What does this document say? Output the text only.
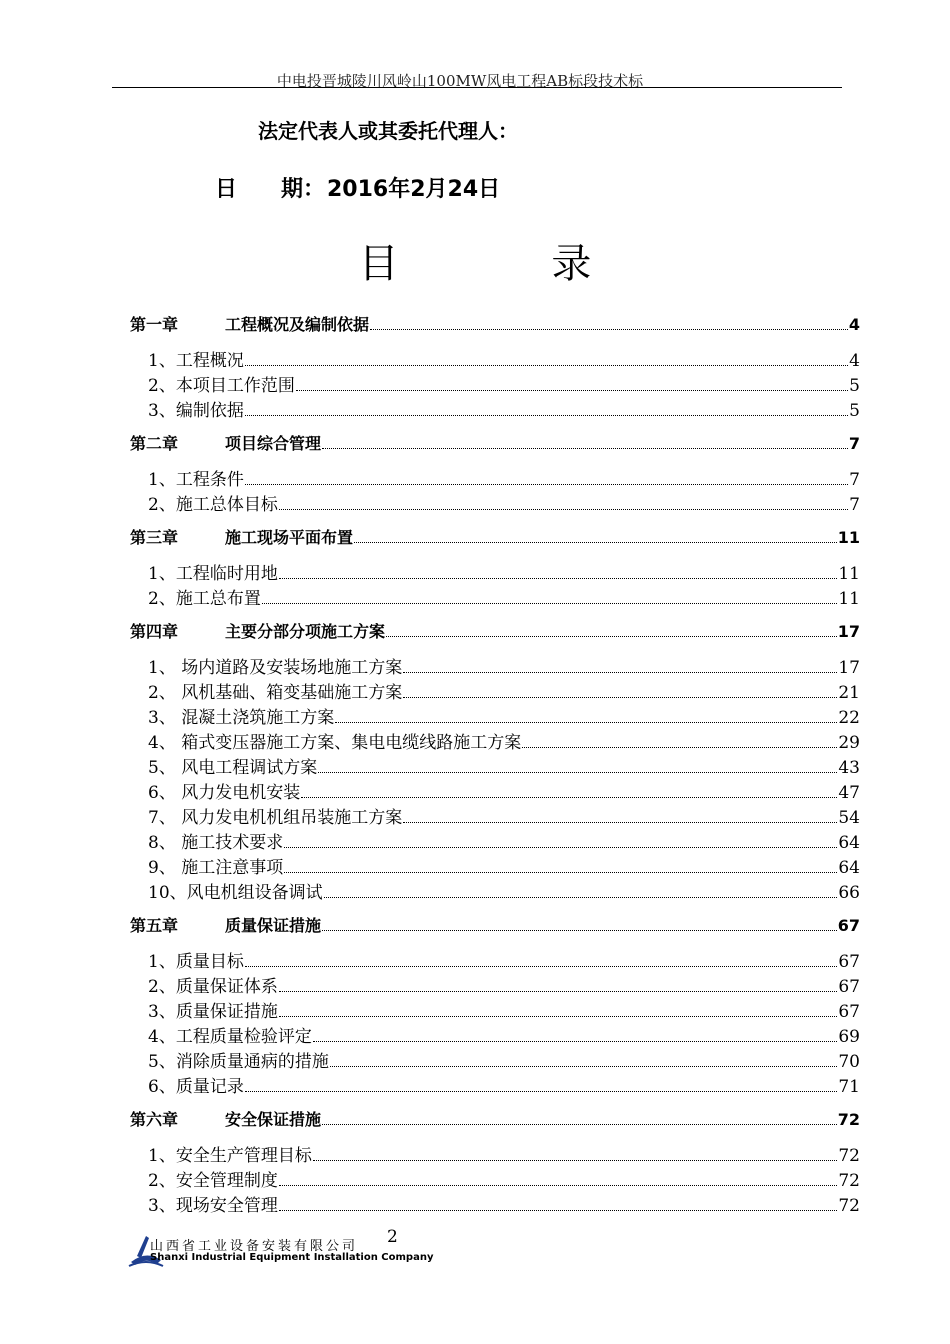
中电投晋城陵川风岭山100MW风电工程AB标段技术标
法定代表人或其委托代理人：
日　　期：2016年2月24日
目 录
第一章	工程概况及编制依据	4
1、工程概况	4
2、本项目工作范围	5
3、编制依据	5
第二章	项目综合管理	7
1、工程条件	7
2、施工总体目标	7
第三章	施工现场平面布置	11
1、工程临时用地	11
2、施工总布置	11
第四章	主要分部分项施工方案	17
1、 场内道路及安装场地施工方案	17
2、 风机基础、箱变基础施工方案	21
3、 混凝土浇筑施工方案	22
4、 箱式变压器施工方案、集电电缆线路施工方案	29
5、 风电工程调试方案	43
6、 风力发电机安装	47
7、 风力发电机机组吊装施工方案	54
8、 施工技术要求	64
9、 施工注意事项	64
10、风电机组设备调试	66
第五章	质量保证措施	67
1、质量目标	67
2、质量保证体系	67
3、质量保证措施	67
4、工程质量检验评定	69
5、消除质量通病的措施	70
6、质量记录	71
第六章	安全保证措施	72
1、安全生产管理目标	72
2、安全管理制度	72
3、现场安全管理	72
山西省工业设备安装有限公司
Shanxi Industrial Equipment Installation Company
2
